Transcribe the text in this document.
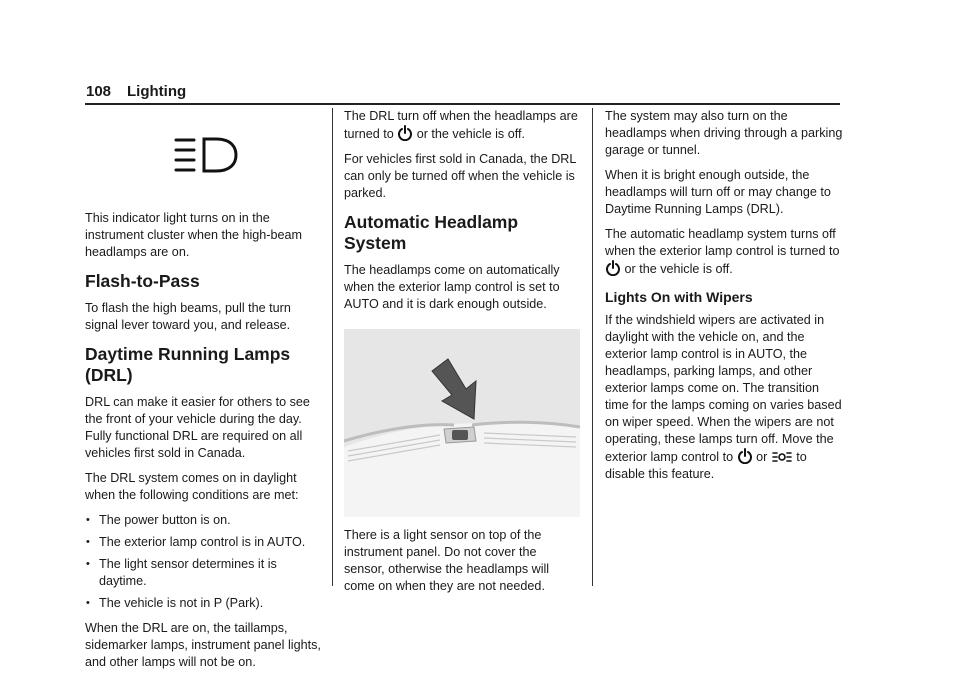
108 Lighting

This indicator light turns on in the instrument cluster when the high-beam headlamps are on.

Flash-to-Pass

To flash the high beams, pull the turn signal lever toward you, and release.

Daytime Running Lamps (DRL)

DRL can make it easier for others to see the front of your vehicle during the day. Fully functional DRL are required on all vehicles first sold in Canada.

The DRL system comes on in daylight when the following conditions are met:

• The power button is on.
• The exterior lamp control is in AUTO.
• The light sensor determines it is daytime.
• The vehicle is not in P (Park).

When the DRL are on, the taillamps, sidemarker lamps, instrument panel lights, and other lamps will not be on.

The DRL turn off when the headlamps are turned to or the vehicle is off.

For vehicles first sold in Canada, the DRL can only be turned off when the vehicle is parked.

Automatic Headlamp System

The headlamps come on automatically when the exterior lamp control is set to AUTO and it is dark enough outside.

There is a light sensor on top of the instrument panel. Do not cover the sensor, otherwise the headlamps will come on when they are not needed.

The system may also turn on the headlamps when driving through a parking garage or tunnel.

When it is bright enough outside, the headlamps will turn off or may change to Daytime Running Lamps (DRL).

The automatic headlamp system turns off when the exterior lamp control is turned to
or the vehicle is off.

Lights On with Wipers

If the windshield wipers are activated in daylight with the vehicle on, and the exterior lamp control is in AUTO, the headlamps, parking lamps, and other exterior lamps come on. The transition time for the lamps coming on varies based on wiper speed. When the wipers are not operating, these lamps turn off. Move the exterior lamp control to or to
disable this feature.
